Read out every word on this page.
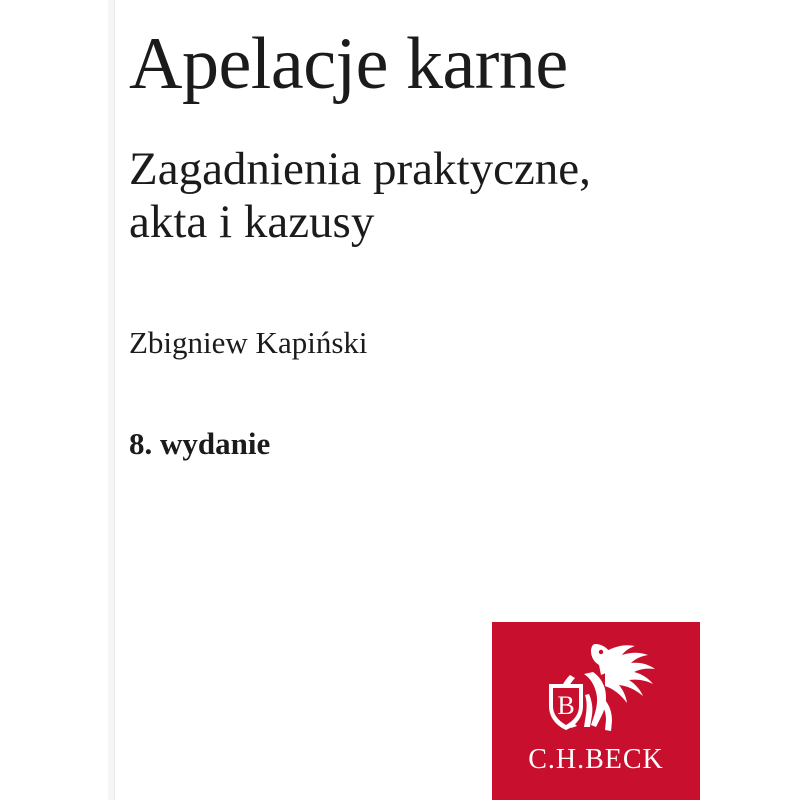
Apelacje karne
Zagadnienia praktyczne,
akta i kazusy
Zbigniew Kapiński
8. wydanie
B
C.H.BECK
